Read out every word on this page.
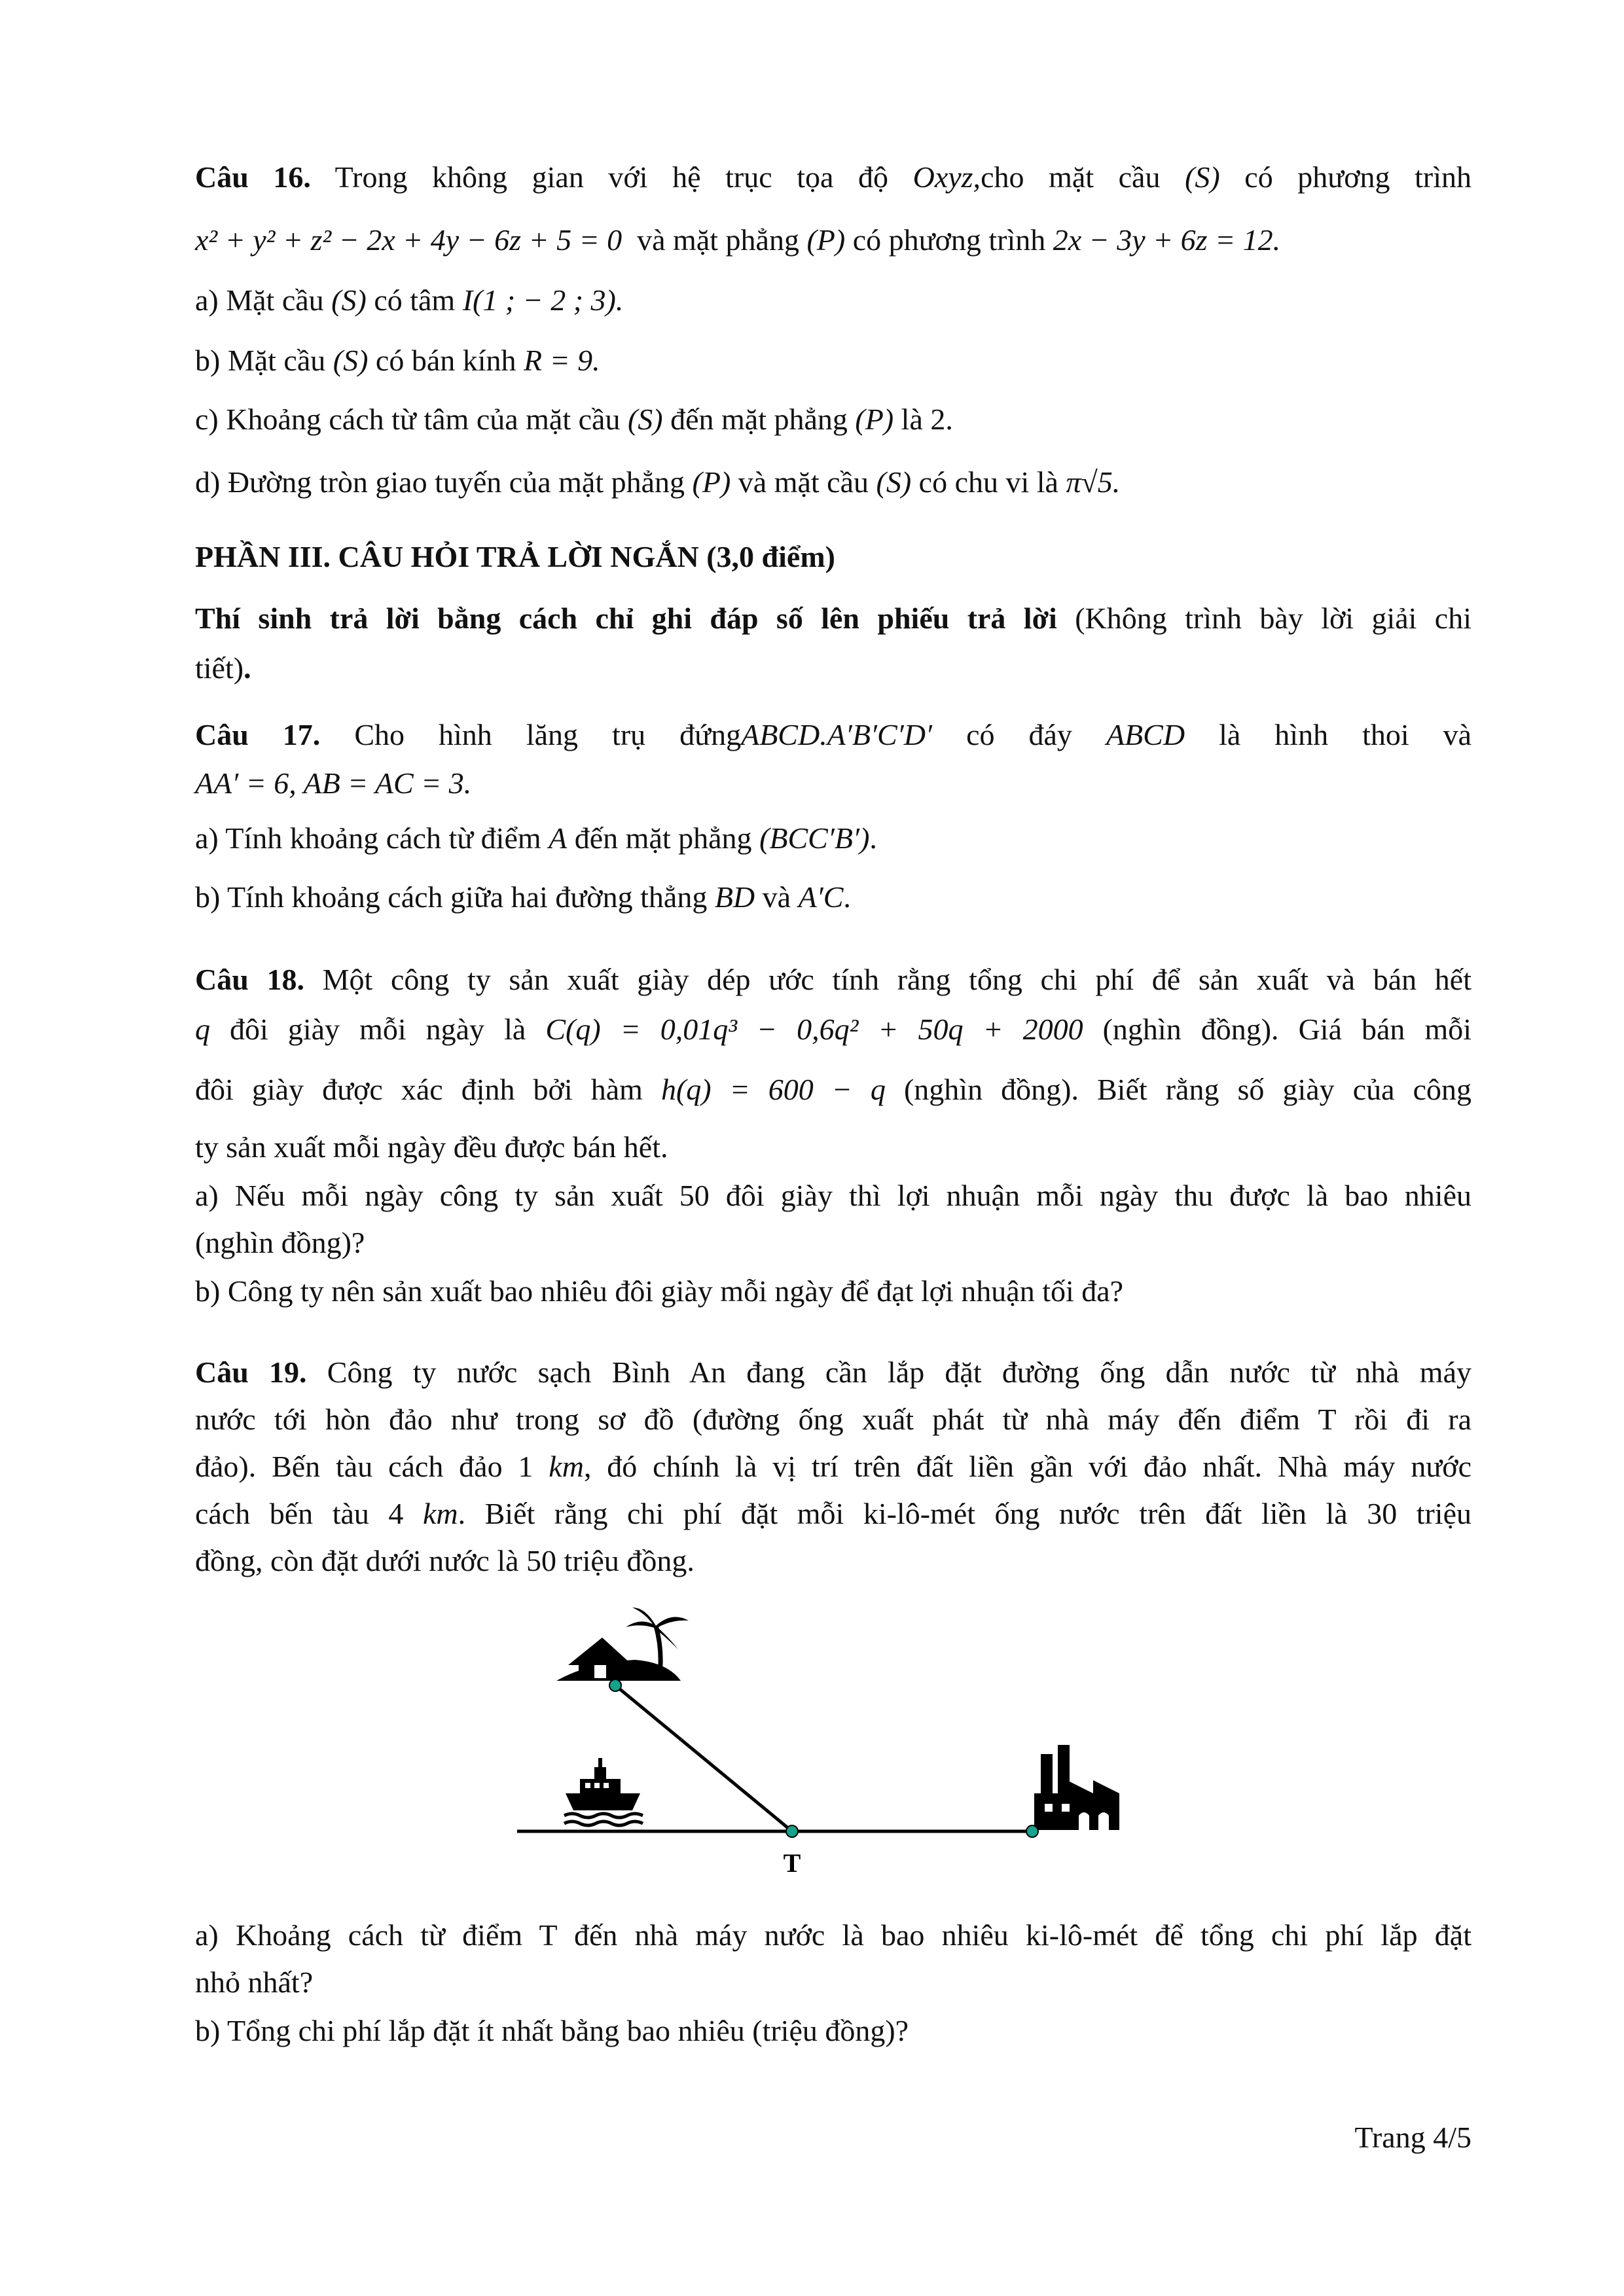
Câu 16. Trong không gian với hệ trục tọa độ Oxyz,cho mặt cầu (S) có phương trình
x² + y² + z² − 2x + 4y − 6z + 5 = 0 và mặt phẳng (P) có phương trình 2x − 3y + 6z = 12.
a) Mặt cầu (S) có tâm I(1 ; − 2 ; 3).
b) Mặt cầu (S) có bán kính R = 9.
c) Khoảng cách từ tâm của mặt cầu (S) đến mặt phẳng (P) là 2.
d) Đường tròn giao tuyến của mặt phẳng (P) và mặt cầu (S) có chu vi là π√5.
PHẦN III. CÂU HỎI TRẢ LỜI NGẮN (3,0 điểm)
Thí sinh trả lời bằng cách chỉ ghi đáp số lên phiếu trả lời (Không trình bày lời giải chi
tiết).
Câu 17. Cho hình lăng trụ đứngABCD.A′B′C′D′ có đáy ABCD là hình thoi và
AA′ = 6, AB = AC = 3.
a) Tính khoảng cách từ điểm A đến mặt phẳng (BCC′B′).
b) Tính khoảng cách giữa hai đường thẳng BD và A′C.
Câu 18. Một công ty sản xuất giày dép ước tính rằng tổng chi phí để sản xuất và bán hết
q đôi giày mỗi ngày là C(q) = 0,01q³ − 0,6q² + 50q + 2000 (nghìn đồng). Giá bán mỗi
đôi giày được xác định bởi hàm h(q) = 600 − q (nghìn đồng). Biết rằng số giày của công
ty sản xuất mỗi ngày đều được bán hết.
a) Nếu mỗi ngày công ty sản xuất 50 đôi giày thì lợi nhuận mỗi ngày thu được là bao nhiêu
(nghìn đồng)?
b) Công ty nên sản xuất bao nhiêu đôi giày mỗi ngày để đạt lợi nhuận tối đa?
Câu 19. Công ty nước sạch Bình An đang cần lắp đặt đường ống dẫn nước từ nhà máy
nước tới hòn đảo như trong sơ đồ (đường ống xuất phát từ nhà máy đến điểm T rồi đi ra
đảo). Bến tàu cách đảo 1 km, đó chính là vị trí trên đất liền gần với đảo nhất. Nhà máy nước
cách bến tàu 4 km. Biết rằng chi phí đặt mỗi ki-lô-mét ống nước trên đất liền là 30 triệu
đồng, còn đặt dưới nước là 50 triệu đồng.
T
a) Khoảng cách từ điểm T đến nhà máy nước là bao nhiêu ki-lô-mét để tổng chi phí lắp đặt
nhỏ nhất?
b) Tổng chi phí lắp đặt ít nhất bằng bao nhiêu (triệu đồng)?
Trang 4/5
